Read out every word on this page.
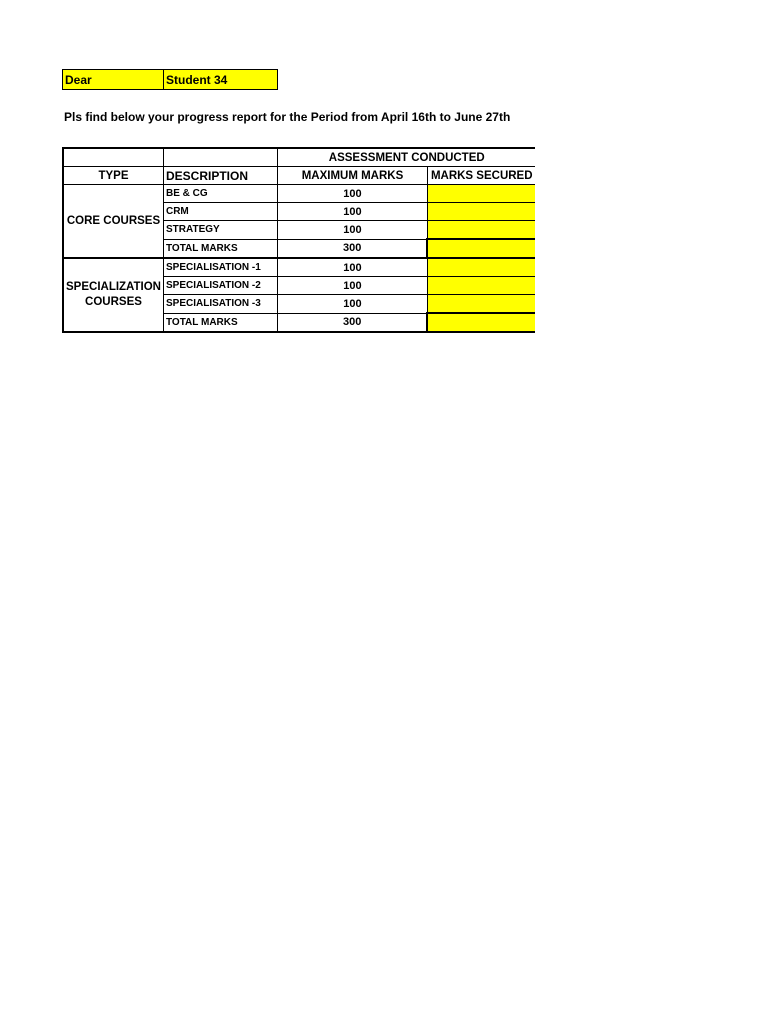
Dear	Student 34
Pls find below your progress report for the Period from April 16th to June 27th
		ASSESSMENT CONDUCTED	
TYPE	DESCRIPTION	MAXIMUM MARKS	MARKS SECURED
CORE COURSES	BE & CG	100	
	CRM	100	
	STRATEGY	100	
	TOTAL MARKS	300	
SPECIALIZATION COURSES	SPECIALISATION -1	100	
	SPECIALISATION -2	100	
	SPECIALISATION -3	100	
	TOTAL MARKS	300	
